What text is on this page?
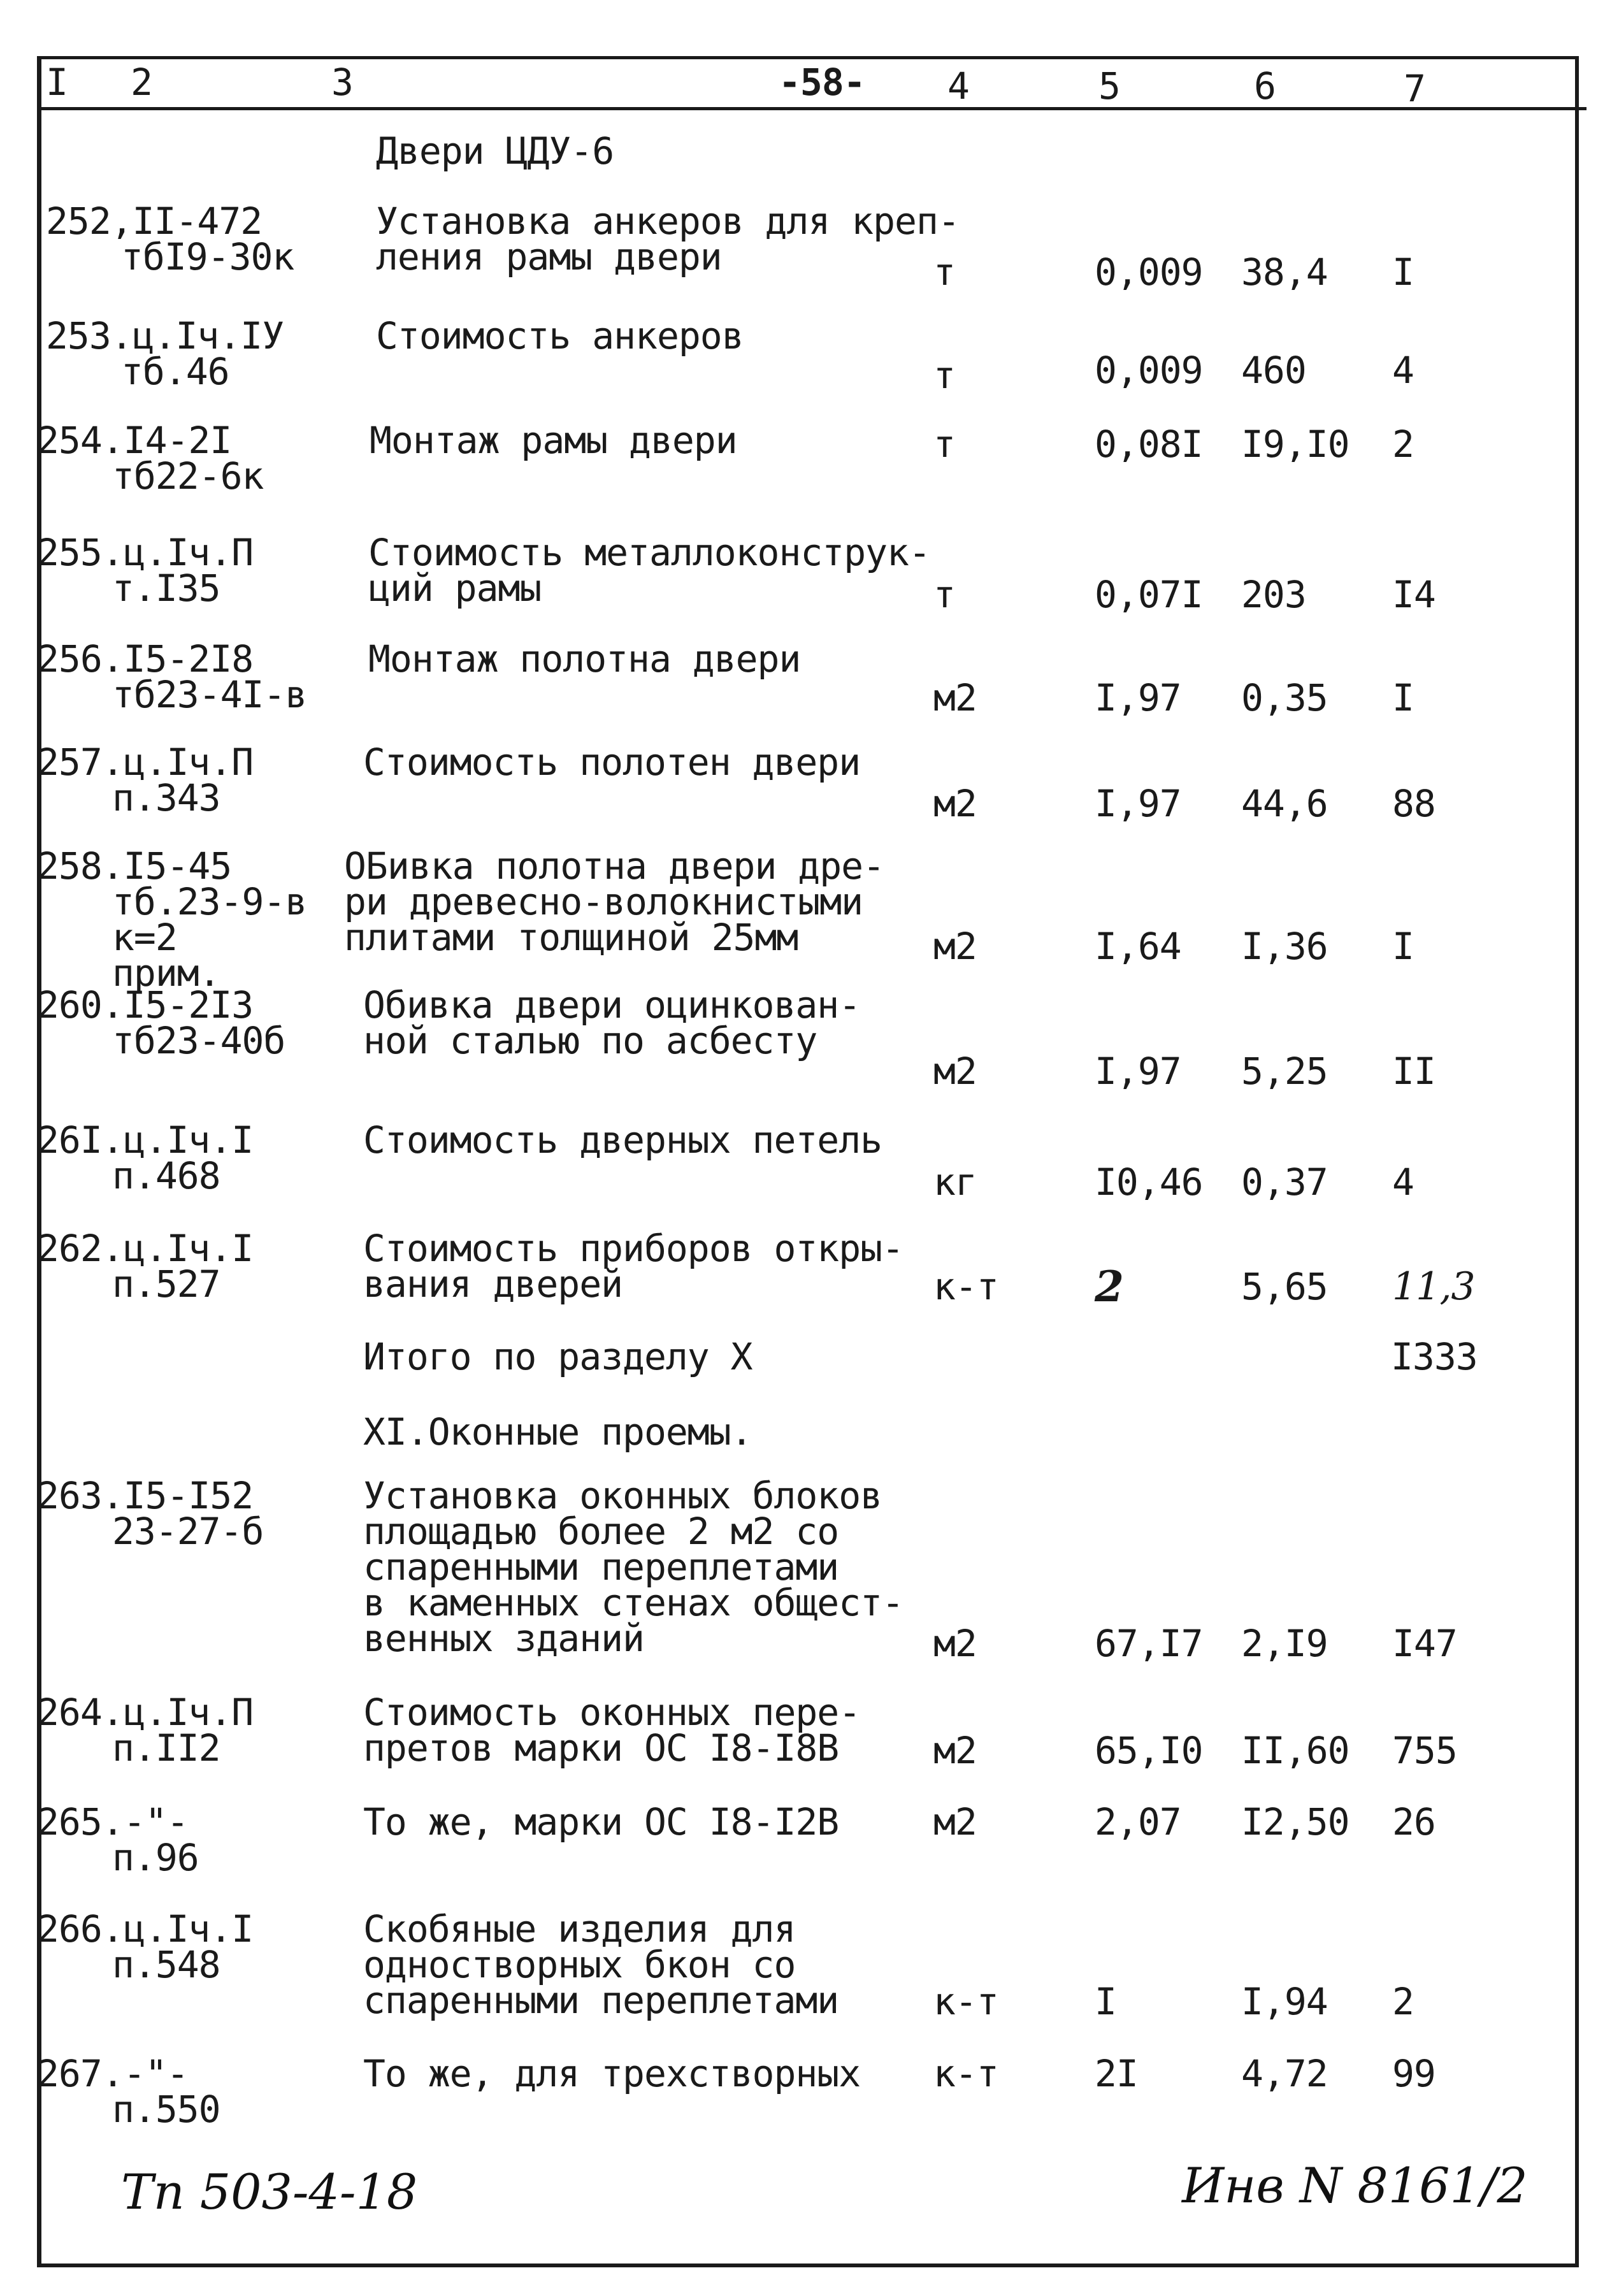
I 2	3	-58- 4	5	6	7
Двери ЦДУ-6
252,II-472
тбI9-30к
Установка анкеров для креп-
ления рамы двери	т	0,009 38,4 I
253.ц.Iч.IУ
тб.46
Стоимость анкеров
т	0,009 460 4
254.I4-2I
тб22-6к
Монтаж рамы двери	т	0,08I I9,I0 2
255.ц.Iч.П
т.I35
Стоимость металлоконструк-
ций рамы	т	0,07I 203 I4
256.I5-2I8
тб23-4I-в
Монтаж полотна двери
м2	I,97 0,35 I
257.ц.Iч.П
п.343
Стоимость полотен двери
м2	I,97 44,6 88
258.I5-45
тб.23-9-в
к=2
прим.
ОБивка полотна двери дре-
ри древесно-волокнистыми
плитами толщиной 25мм	м2	I,64 I,36 I
260.I5-2I3
тб23-40б
Обивка двери оцинкован-
ной сталью по асбесту
м2	I,97 5,25 II
26I.ц.Iч.I
п.468
Стоимость дверных петель
кг	I0,46 0,37 4
262.ц.Iч.I
п.527
Стоимость приборов откры-
вания дверей	к-т 2	5,65 11,3
263.I5-I52
23-27-б
Установка оконных блоков
площадью более 2 м2 со
спаренными переплетами
в каменных стенах общест-
венных зданий	м2	67,I7 2,I9 I47
264.ц.Iч.П
п.II2
Стоимость оконных пере-
претов марки ОС I8-I8В	м2	65,I0 II,60 755
265.-"-
п.96
То же, марки ОС I8-I2В	м2	2,07 I2,50 26
266.ц.Iч.I
п.548
Скобяные изделия для
одностворных бкон со
спаренными переплетами	к-т	I	I,94 2
267.-"-
п.550
То же, для трехстворных к-т	2I	4,72 99
Итого по разделу X	I333
XI.Оконные проемы.
Тп 503-4-18	Инв N 8161/2
